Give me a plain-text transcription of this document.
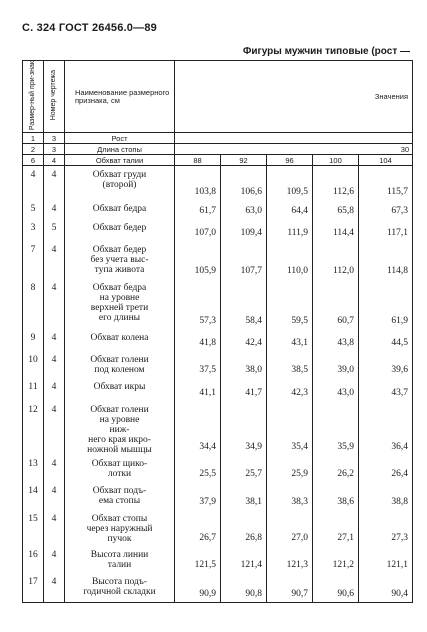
С. 324 ГОСТ 26456.0—89
Фигуры мужчин типовые (рост —
Размер-ный при-знак	Номер чертежа	Наименование размерного признака, см	Значения				
1	3	Рост					
2	3	Длина стопы	30				
6	4	Обхват талии	88	92	96	100	104
4	4	Обхват груди
(второй)	103,8	106,6	109,5	112,6	115,7
5	4	Обхват бедра	61,7	63,0	64,4	65,8	67,3
3	5	Обхват бедер	107,0	109,4	111,9	114,4	117,1
7	4	Обхват бедер
без учета выс-
тупа живота	105,9	107,7	110,0	112,0	114,8
8	4	Обхват бедра
на уровне
верхней трети
его длины	57,3	58,4	59,5	60,7	61,9
9	4	Обхват колена	41,8	42,4	43,1	43,8	44,5
10	4	Обхват голени
под коленом	37,5	38,0	38,5	39,0	39,6
11	4	Обхват икры	41,1	41,7	42,3	43,0	43,7
12	4	Обхват голени
на уровне
ниж-
него края икро-
ножной мышцы	34,4	34,9	35,4	35,9	36,4
13	4	Обхват щико-
лотки	25,5	25,7	25,9	26,2	26,4
14	4	Обхват подъ-
ема стопы	37,9	38,1	38,3	38,6	38,8
15	4	Обхват стопы
через наружный
пучок	26,7	26,8	27,0	27,1	27,3
16	4	Высота линии
талии	121,5	121,4	121,3	121,2	121,1
17	4	Высота подъ-
годичной складки	90,9	90,8	90,7	90,6	90,4
